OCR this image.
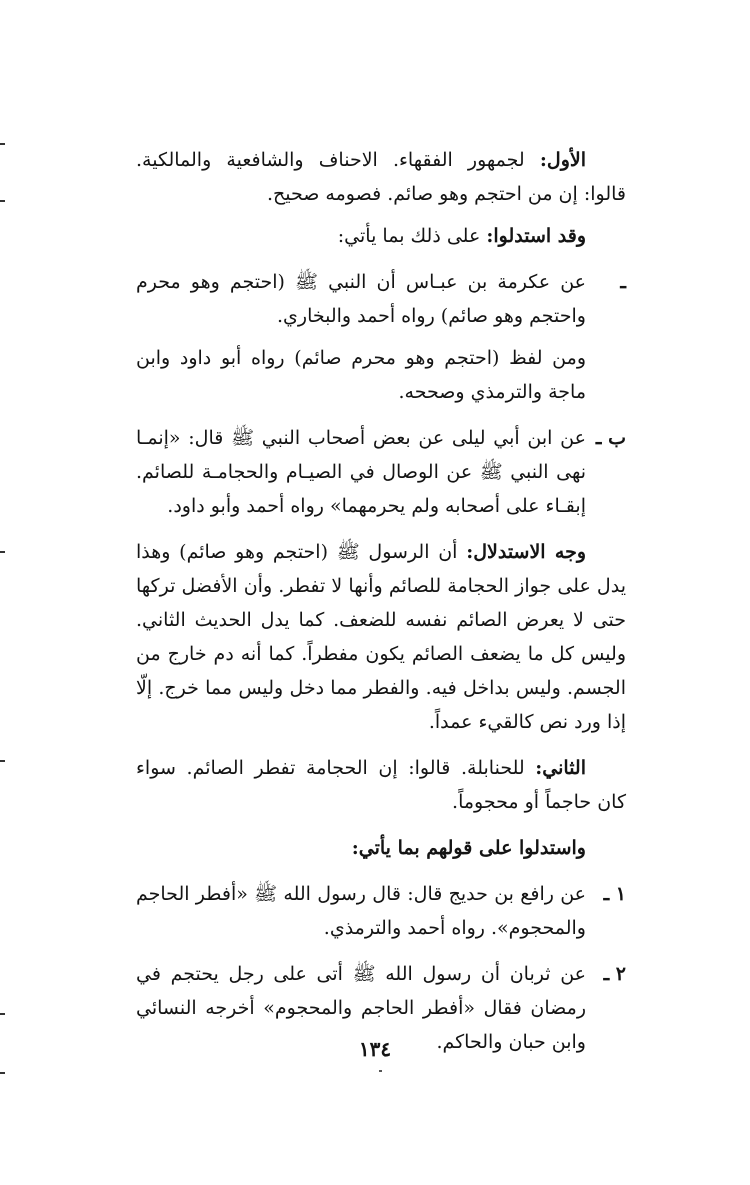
الأول: لجمهور الفقهاء. الاحناف والشافعية والمالكية. قالوا: إن من احتجم وهو صائم. فصومه صحيح.

وقد استدلوا: على ذلك بما يأتي:

ـ
عن عكرمة بن عبـاس أن النبي ﷺ (احتجم وهو محرم واحتجم وهو صائم) رواه أحمد والبخاري.

ومن لفظ (احتجم وهو محرم صائم) رواه أبو داود وابن ماجة والترمذي وصححه.

ب ـ
عن ابن أبي ليلى عن بعض أصحاب النبي ﷺ قال: «إنمـا نهى النبي ﷺ عن الوصال في الصيـام والحجامـة للصائم. إبقـاء على أصحابه ولم يحرمهما» رواه أحمد وأبو داود.

وجه الاستدلال: أن الرسول ﷺ (احتجم وهو صائم) وهذا يدل على جواز الحجامة للصائم وأنها لا تفطر. وأن الأفضل تركها حتى لا يعرض الصائم نفسه للضعف. كما يدل الحديث الثاني. وليس كل ما يضعف الصائم يكون مفطراً. كما أنه دم خارج من الجسم. وليس بداخل فيه. والفطر مما دخل وليس مما خرج. إلّا إذا ورد نص كالقيء عمداً.

الثاني: للحنابلة. قالوا: إن الحجامة تفطر الصائم. سواء كان حاجماً أو محجوماً.

واستدلوا على قولهم بما يأتي:

١ ـ
عن رافع بن حديج قال: قال رسول الله ﷺ «أفطر الحاجم والمحجوم». رواه أحمد والترمذي.
٢ ـ
عن ثربان أن رسول الله ﷺ أتى على رجل يحتجم في رمضان فقال «أفطر الحاجم والمحجوم» أخرجه النسائي وابن حبان والحاكم.
١٣٤
